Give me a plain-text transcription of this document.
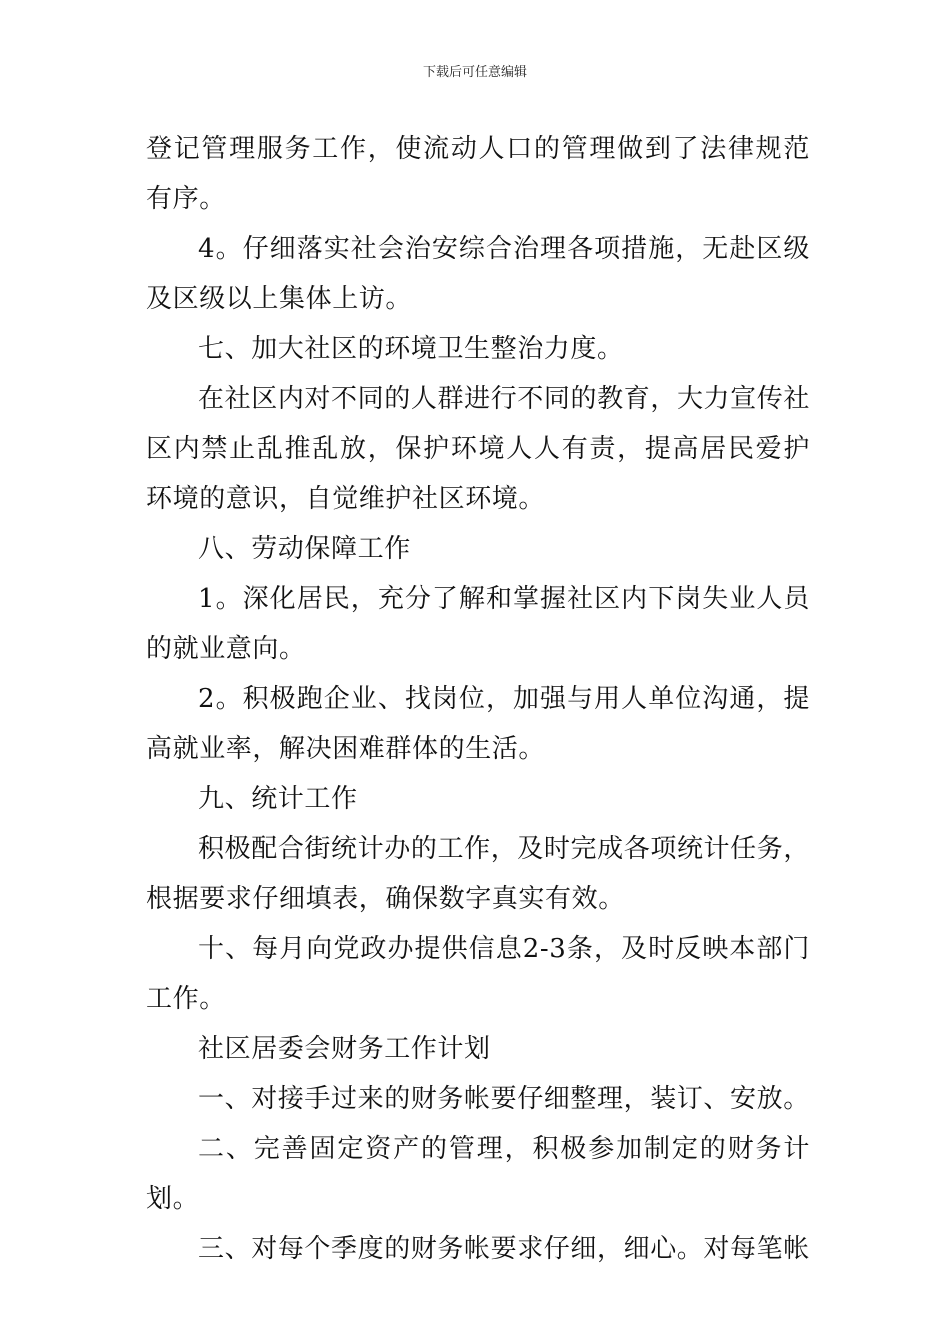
下载后可任意编辑

登记管理服务工作，使流动人口的管理做到了法律规范有序。

4。仔细落实社会治安综合治理各项措施，无赴区级及区级以上集体上访。

七、加大社区的环境卫生整治力度。

在社区内对不同的人群进行不同的教育，大力宣传社区内禁止乱推乱放，保护环境人人有责，提高居民爱护环境的意识，自觉维护社区环境。

八、劳动保障工作

1。深化居民，充分了解和掌握社区内下岗失业人员的就业意向。

2。积极跑企业、找岗位，加强与用人单位沟通，提高就业率，解决困难群体的生活。

九、统计工作

积极配合街统计办的工作，及时完成各项统计任务，根据要求仔细填表，确保数字真实有效。

十、每月向党政办提供信息2-3条，及时反映本部门工作。

社区居委会财务工作计划

一、对接手过来的财务帐要仔细整理，装订、安放。

二、完善固定资产的管理，积极参加制定的财务计划。

三、对每个季度的财务帐要求仔细，细心。对每笔帐
